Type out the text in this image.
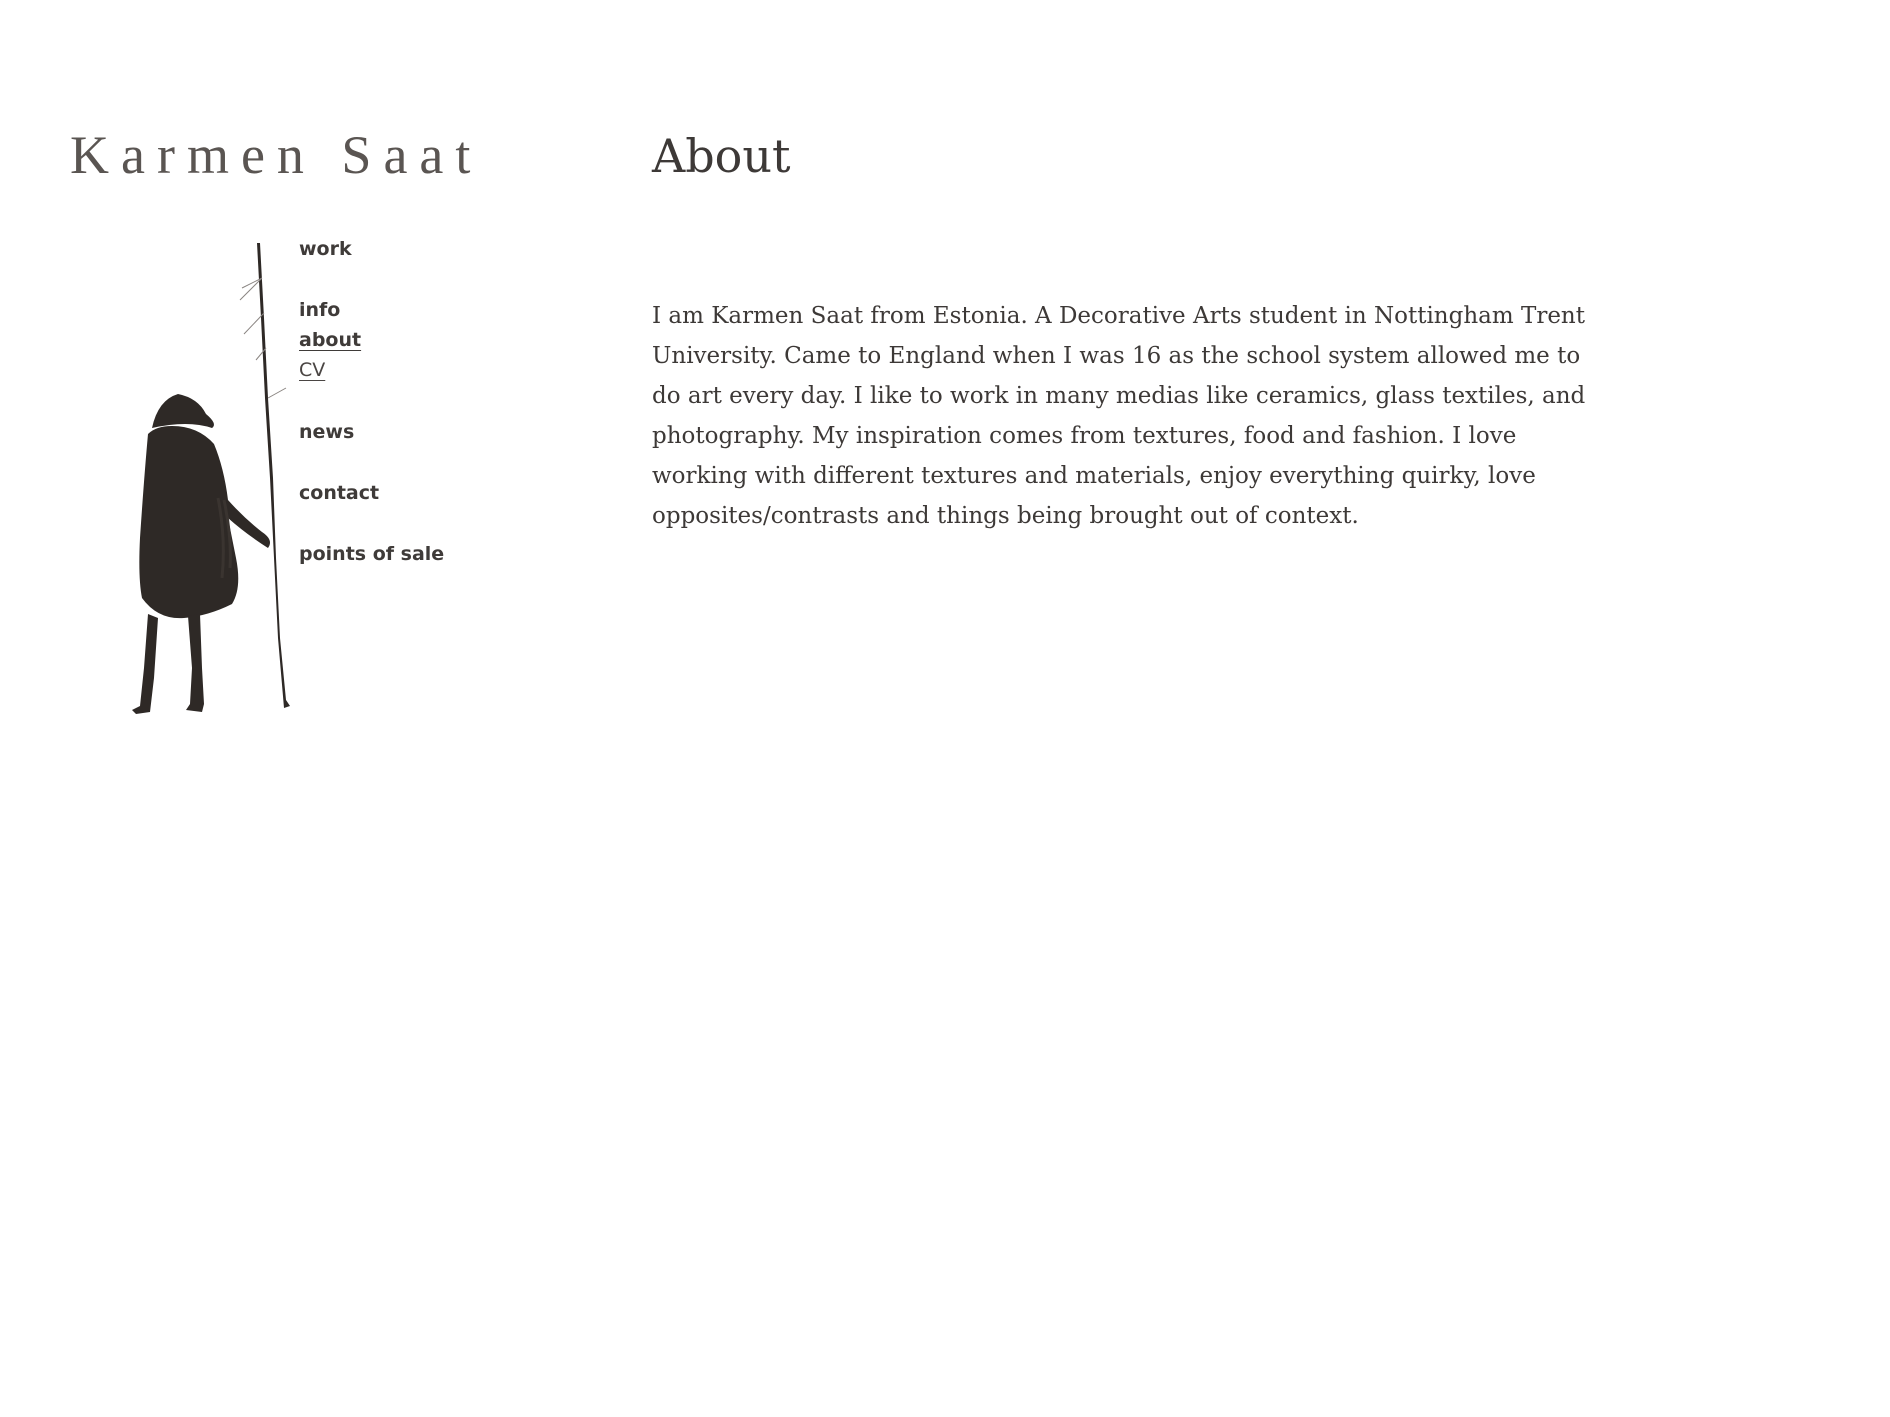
Karmen Saat
work
info
about
CV
news
contact
points of sale
About

I am Karmen Saat from Estonia. A Decorative Arts student in Nottingham Trent University. Came to England when I was 16 as the school system allowed me to do art every day. I like to work in many medias like ceramics, glass textiles, and photography. My inspiration comes from textures, food and fashion. I love working with different textures and materials, enjoy everything quirky, love opposites/contrasts and things being brought out of context.
